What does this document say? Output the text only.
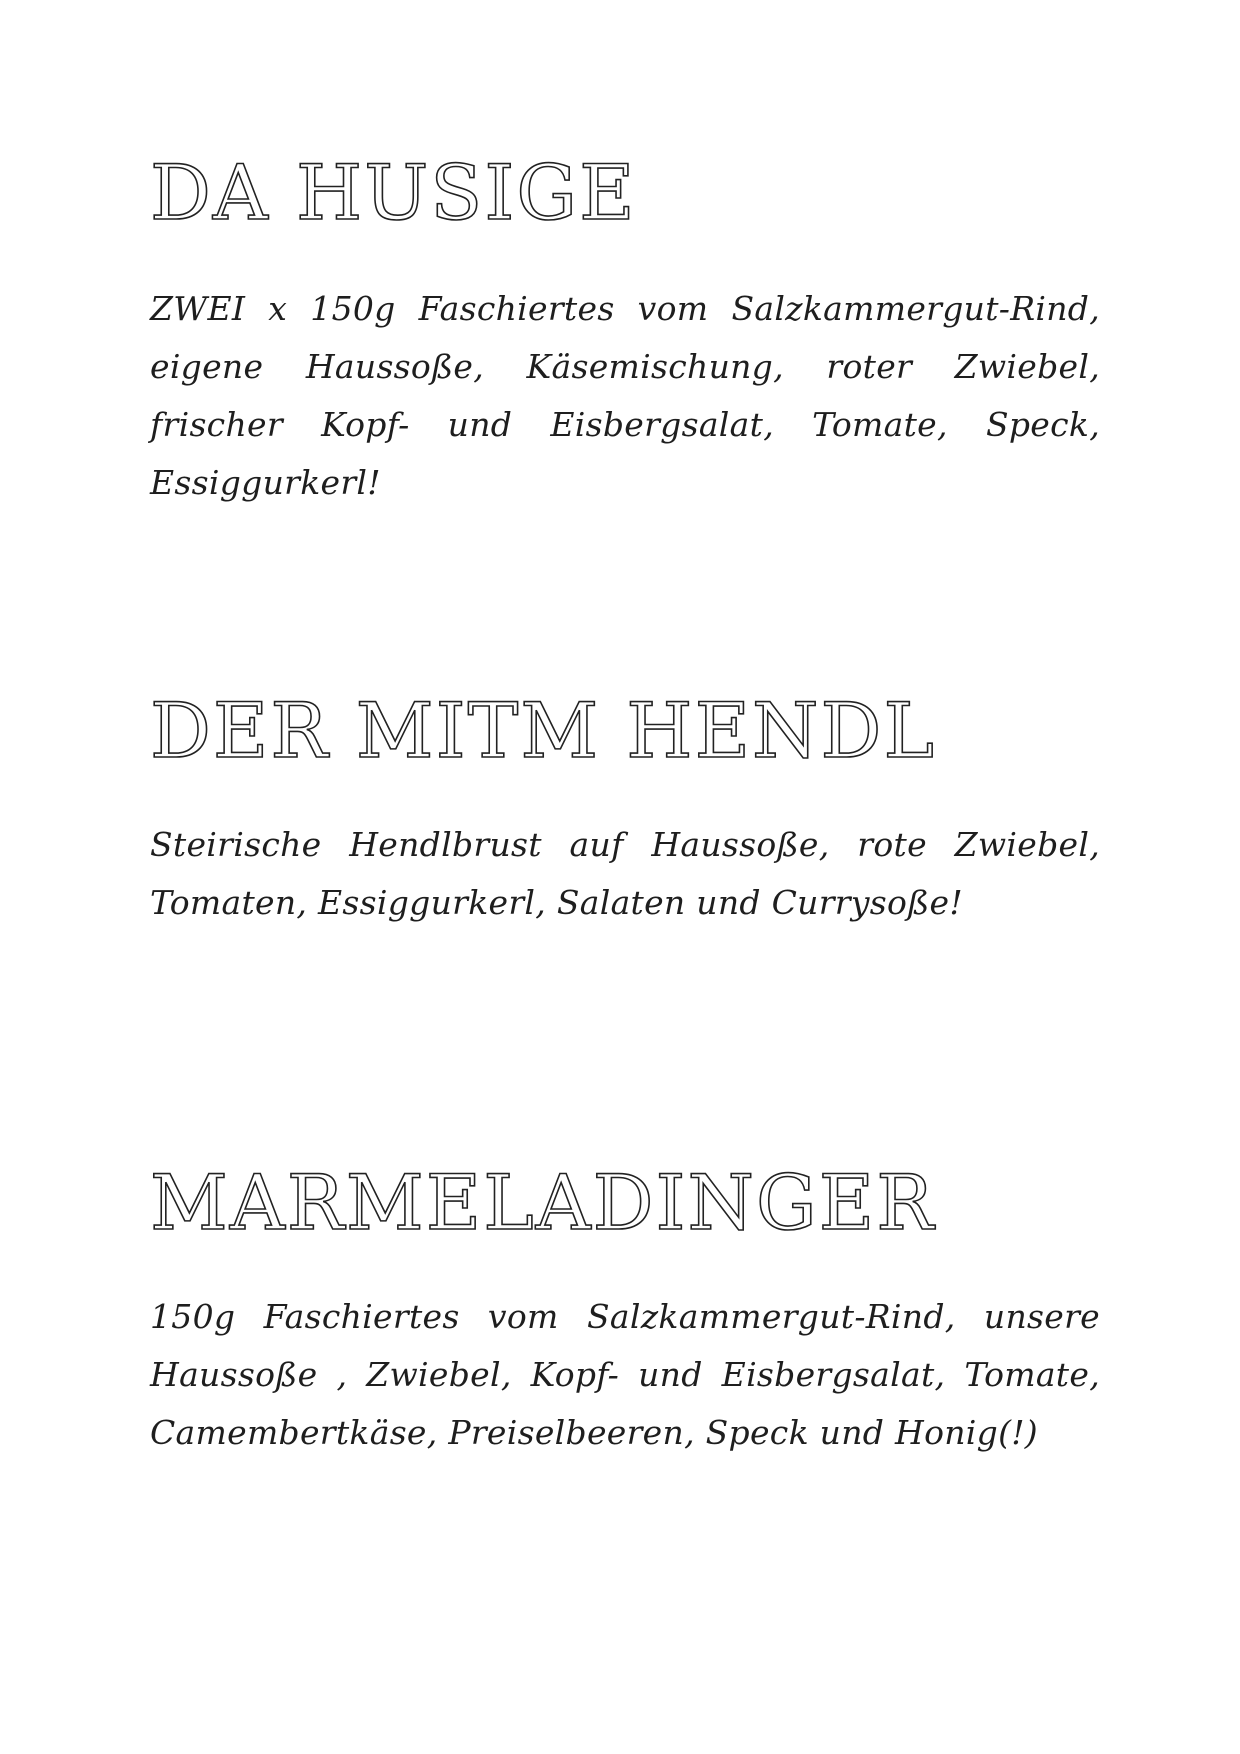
DA HUSIGE

ZWEI x 150g Faschiertes vom Salzkammergut-Rind, eigene Haussoße, Käsemischung, roter Zwiebel, frischer Kopf- und Eisbergsalat, Tomate, Speck, Essiggurkerl!

DER MITM HENDL

Steirische Hendlbrust auf Haussoße, rote Zwiebel, Tomaten, Essiggurkerl, Salaten und Currysoße!

MARMELADINGER

150g Faschiertes vom Salzkammergut-Rind, unsere Haussoße , Zwiebel, Kopf- und Eisbergsalat, Tomate, Camembertkäse, Preiselbeeren, Speck und Honig(!)
